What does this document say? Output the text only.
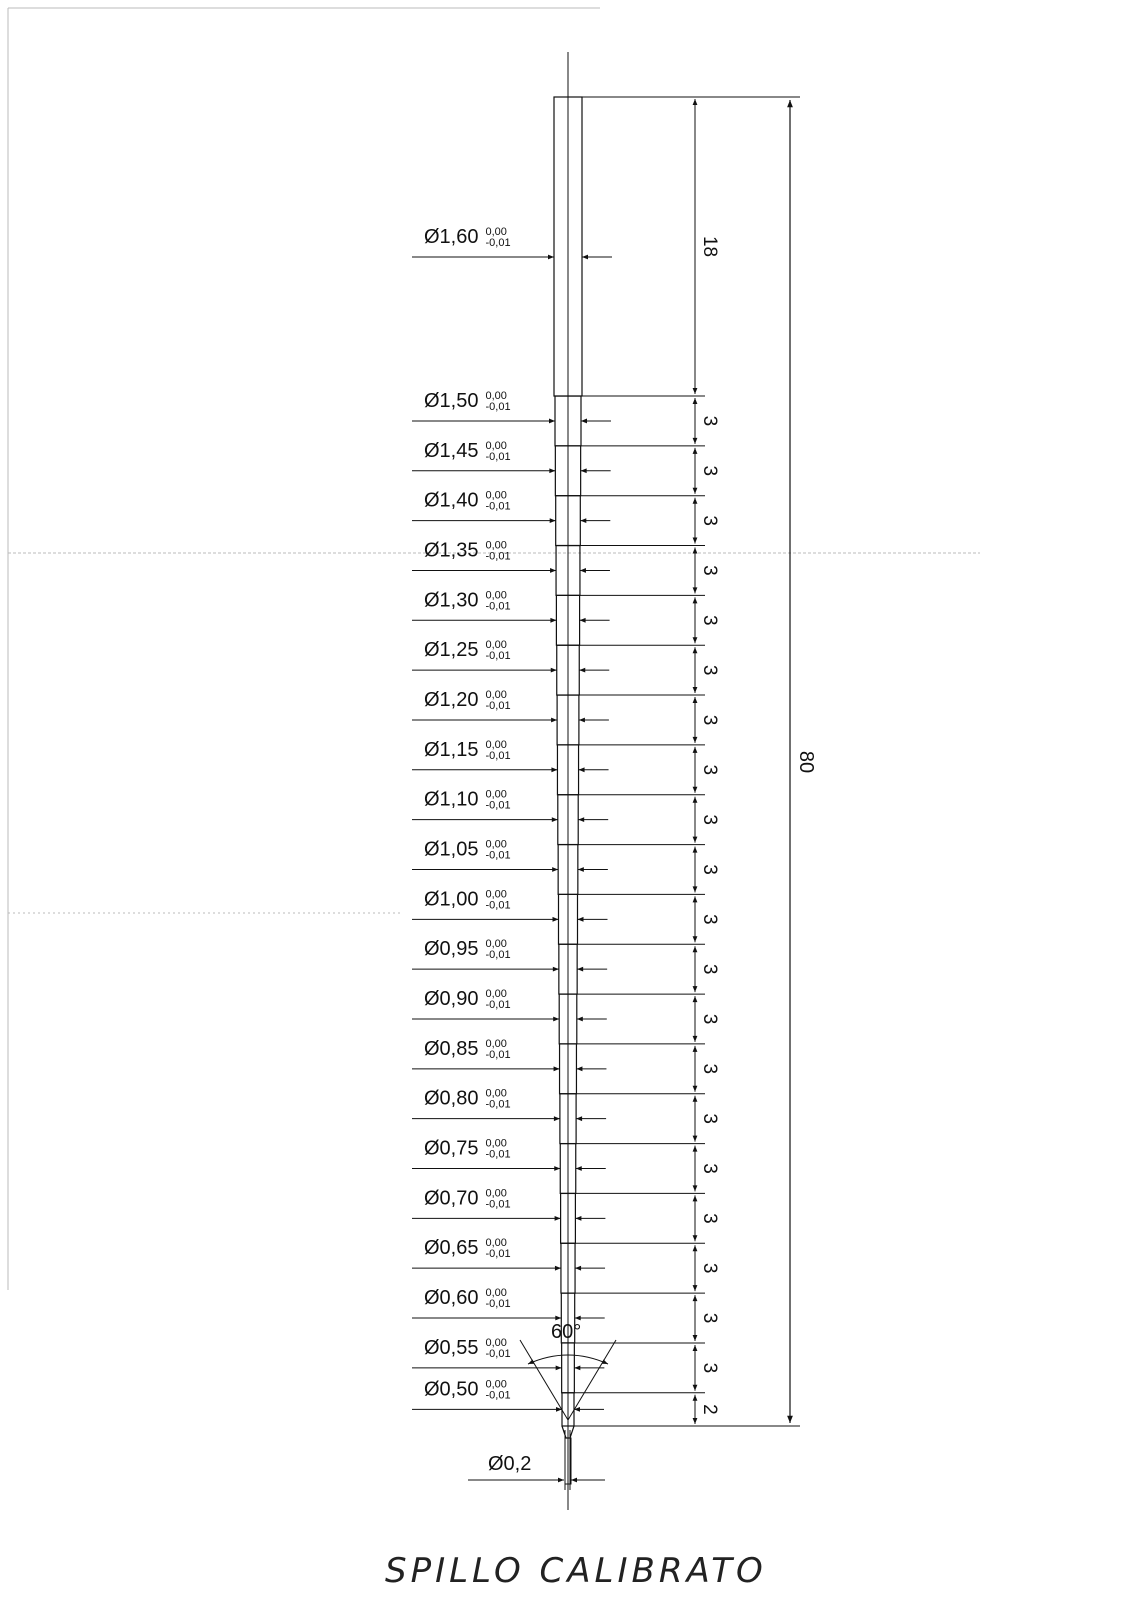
Ø1,60 0,00
-0,01
Ø1,50 0,00
-0,01
Ø1,45 0,00
-0,01
Ø1,40 0,00
-0,01
Ø1,35 0,00
-0,01
Ø1,30 0,00
-0,01
Ø1,25 0,00
-0,01
Ø1,20 0,00
-0,01
Ø1,15 0,00
-0,01
Ø1,10 0,00
-0,01
Ø1,05 0,00
-0,01
Ø1,00 0,00
-0,01
Ø0,95 0,00
-0,01
Ø0,90 0,00
-0,01
Ø0,85 0,00
-0,01
Ø0,80 0,00
-0,01
Ø0,75 0,00
-0,01
Ø0,70 0,00
-0,01
Ø0,65 0,00
-0,01
Ø0,60 0,00
-0,01
Ø0,55 0,00
-0,01
Ø0,50 0,00
-0,01
18
3
3
3
3
3
3
3
3
3
3
3
3
3
3
3
3
3
3
3
3
2
80
Ø0,2
60°
SPILLO CALIBRATO
